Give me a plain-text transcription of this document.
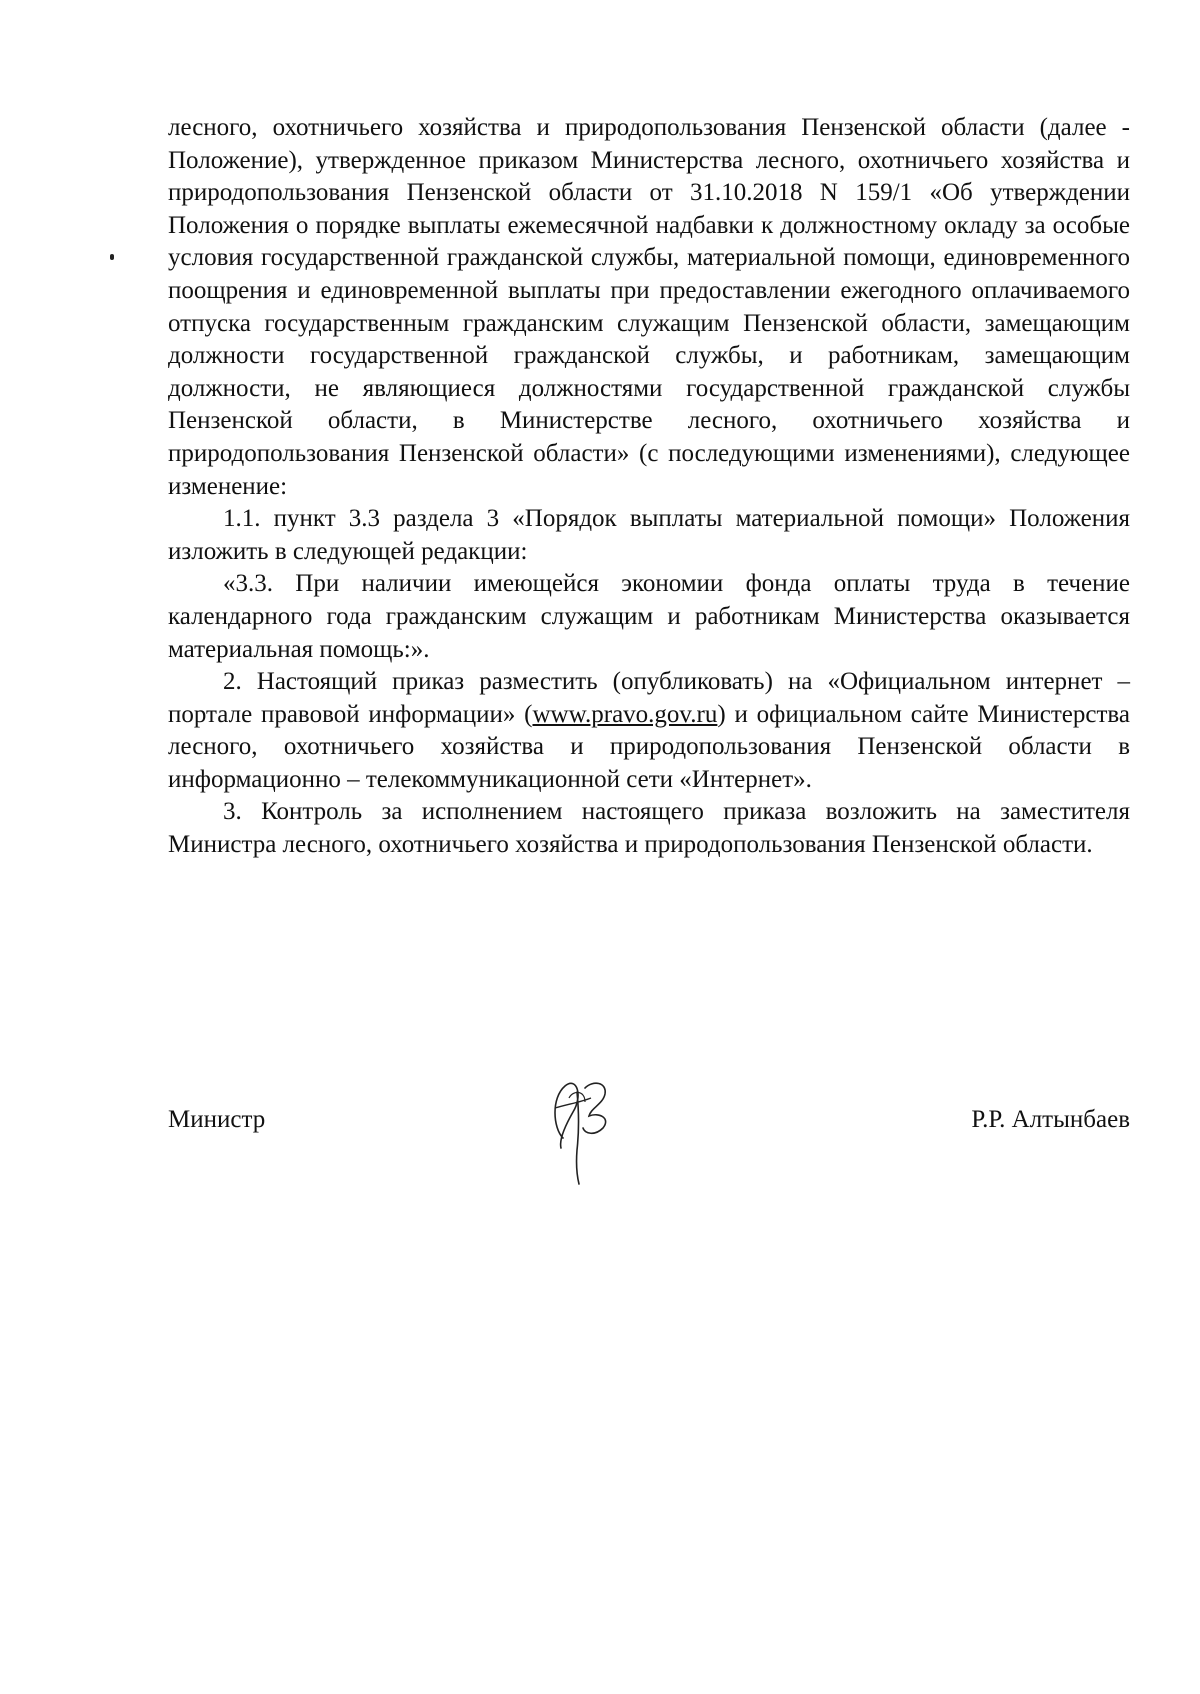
лесного, охотничьего хозяйства и природопользования Пензенской области (далее - Положение), утвержденное приказом Министерства лесного, охотничьего хозяйства и природопользования Пензенской области от 31.10.2018 N 159/1 «Об утверждении Положения о порядке выплаты ежемесячной надбавки к должностному окладу за особые условия государственной гражданской службы, материальной помощи, единовременного поощрения и единовременной выплаты при предоставлении ежегодного оплачиваемого отпуска государственным гражданским служащим Пензенской области, замещающим должности государственной гражданской службы, и работникам, замещающим должности, не являющиеся должностями государственной гражданской службы Пензенской области, в Министерстве лесного, охотничьего хозяйства и природопользования Пензенской области» (с последующими изменениями), следующее изменение:

1.1. пункт 3.3 раздела 3 «Порядок выплаты материальной помощи» Положения изложить в следующей редакции:

«3.3. При наличии имеющейся экономии фонда оплаты труда в течение календарного года гражданским служащим и работникам Министерства оказывается материальная помощь:».

2. Настоящий приказ разместить (опубликовать) на «Официальном интернет – портале правовой информации» (www.pravo.gov.ru) и официальном сайте Министерства лесного, охотничьего хозяйства и природопользования Пензенской области в информационно – телекоммуникационной сети «Интернет».

3. Контроль за исполнением настоящего приказа возложить на заместителя Министра лесного, охотничьего хозяйства и природопользования Пензенской области.

Министр	Р.Р. Алтынбаев
